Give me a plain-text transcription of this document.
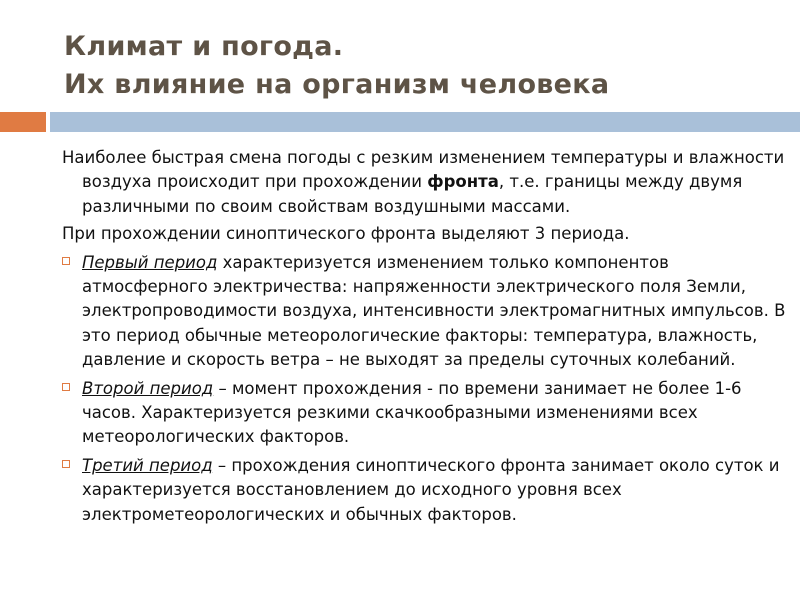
Климат и погода.
Их влияние на организм человека

Наиболее быстрая смена погоды с резким изменением температуры и влажности воздуха происходит при прохождении фронта, т.е. границы между двумя различными по своим свойствам воздушными массами.

При прохождении синоптического фронта выделяют 3 периода.

Первый период характеризуется изменением только компонентов атмосферного электричества: напряженности электрического поля Земли, электропроводимости воздуха, интенсивности электромагнитных импульсов. В это период обычные метеорологические факторы: температура, влажность, давление и скорость ветра – не выходят за пределы суточных колебаний.
Второй период – момент прохождения - по времени занимает не более 1-6 часов. Характеризуется резкими скачкообразными изменениями всех метеорологических факторов.
Третий период – прохождения синоптического фронта занимает около суток и характеризуется восстановлением до исходного уровня всех электрометеорологических и обычных факторов.
